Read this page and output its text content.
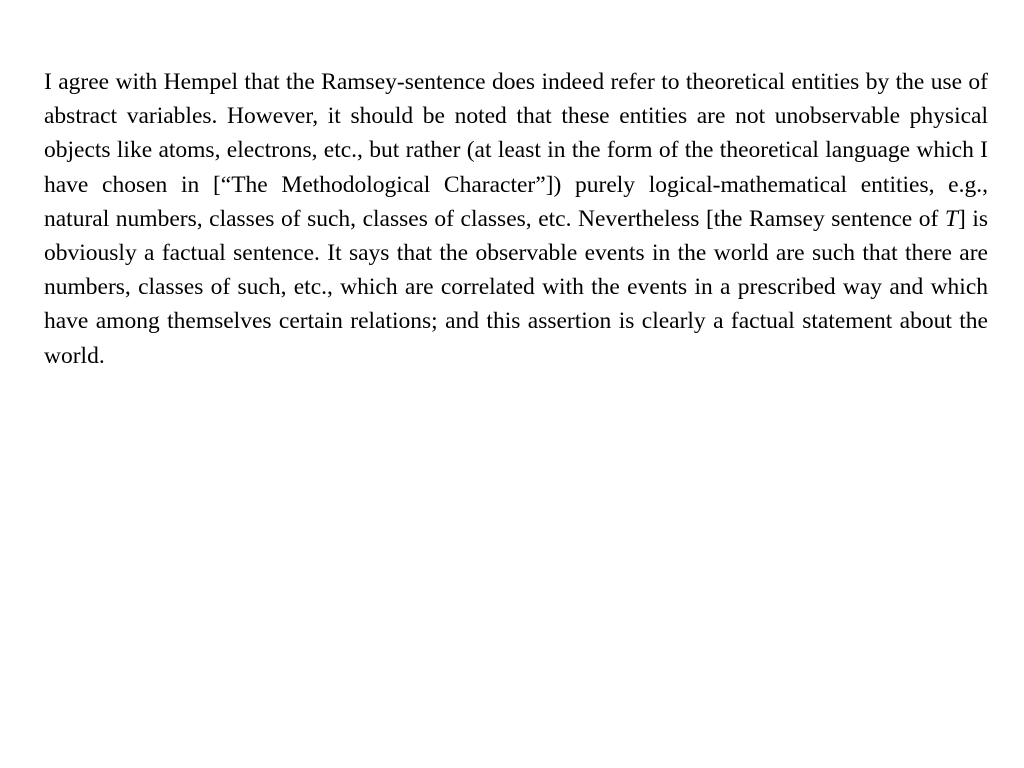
I agree with Hempel that the Ramsey-sentence does indeed refer to theoretical entities by the use of abstract variables. However, it should be noted that these entities are not unobservable physical objects like atoms, electrons, etc., but rather (at least in the form of the theoretical language which I have chosen in [“The Methodological Character”]) purely logical-mathematical entities, e.g., natural numbers, classes of such, classes of classes, etc. Nevertheless [the Ramsey sentence of T] is obviously a factual sentence. It says that the observable events in the world are such that there are numbers, classes of such, etc., which are correlated with the events in a prescribed way and which have among themselves certain relations; and this assertion is clearly a factual statement about the world.
